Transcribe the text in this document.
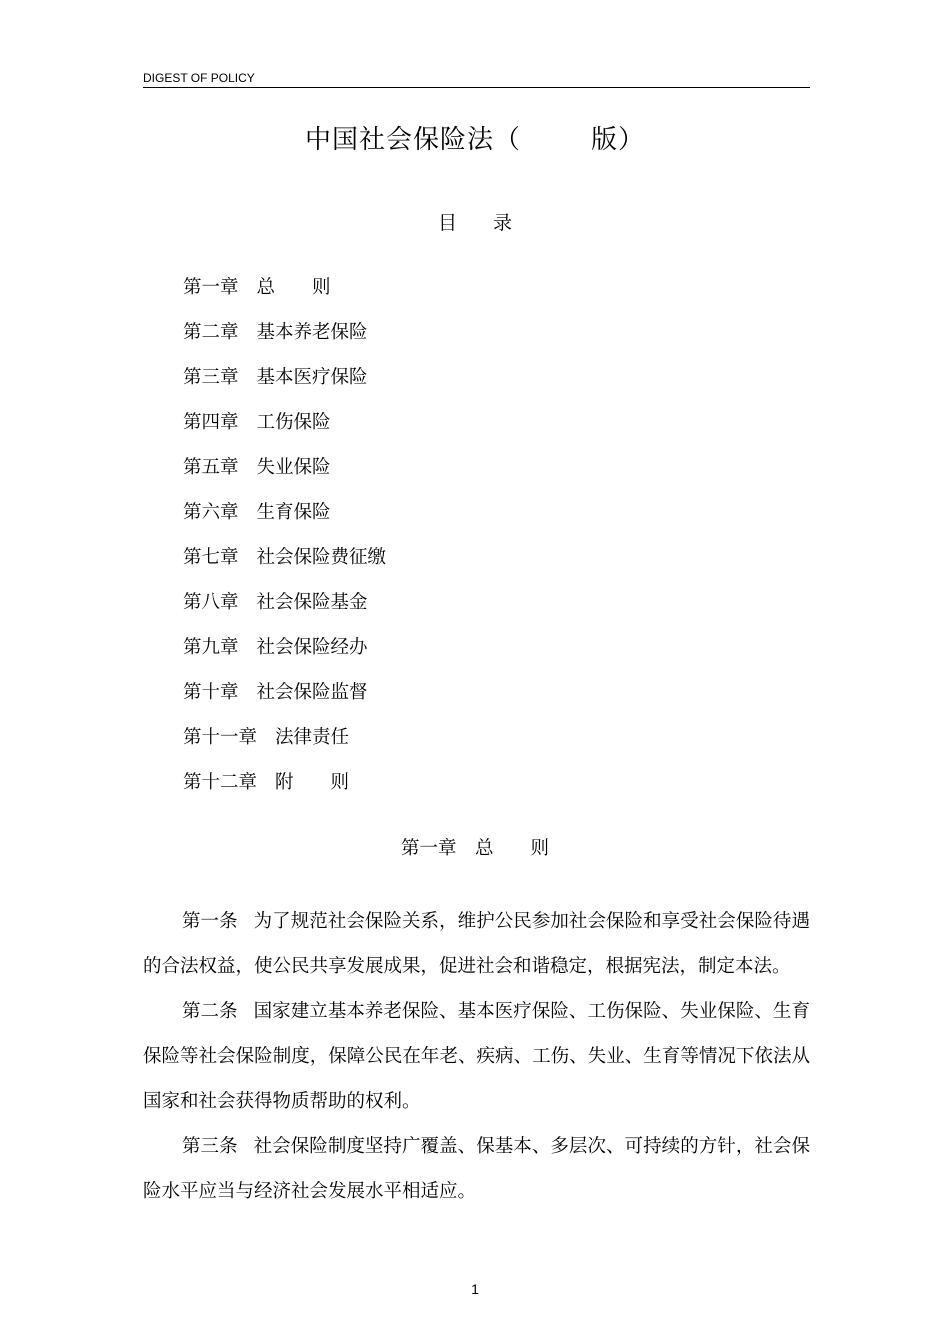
DIGEST OF POLICY
中国社会保险法（	版）
目 录
第一章 总　　则
第二章 基本养老保险
第三章 基本医疗保险
第四章 工伤保险
第五章 失业保险
第六章 生育保险
第七章 社会保险费征缴
第八章 社会保险基金
第九章 社会保险经办
第十章 社会保险监督
第十一章 法律责任
第十二章 附　　则
第一章　总　　则

第一条 为了规范社会保险关系，维护公民参加社会保险和享受社会保险待遇的合法权益，使公民共享发展成果，促进社会和谐稳定，根据宪法，制定本法。

第二条 国家建立基本养老保险、基本医疗保险、工伤保险、失业保险、生育保险等社会保险制度，保障公民在年老、疾病、工伤、失业、生育等情况下依法从国家和社会获得物质帮助的权利。

第三条 社会保险制度坚持广覆盖、保基本、多层次、可持续的方针，社会保险水平应当与经济社会发展水平相适应。

1
